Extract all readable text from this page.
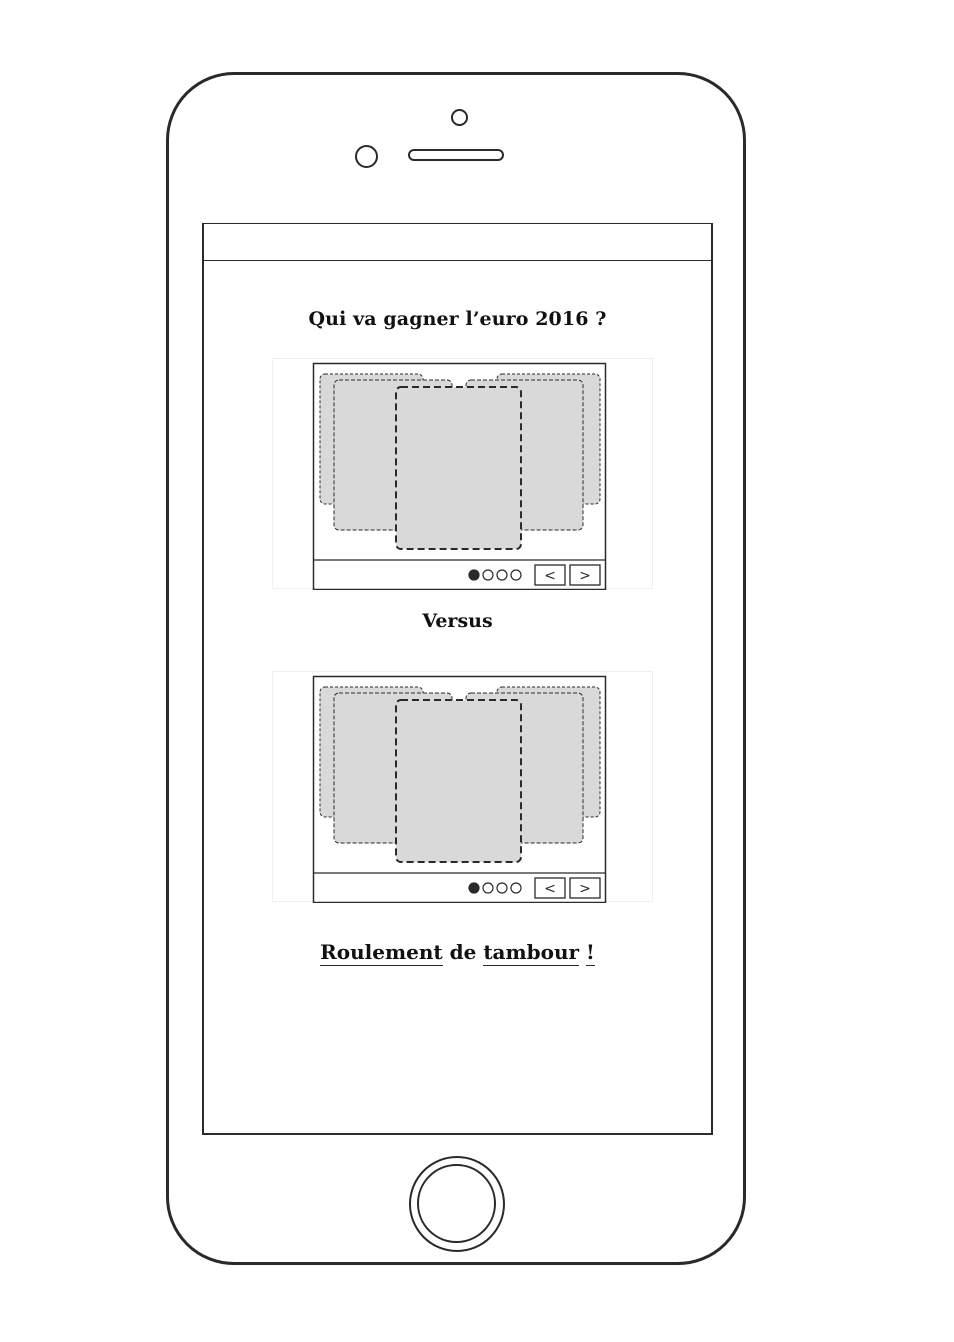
Qui va gagner l’euro 2016 ?
< >
Versus
< >
Roulement de tambour !
